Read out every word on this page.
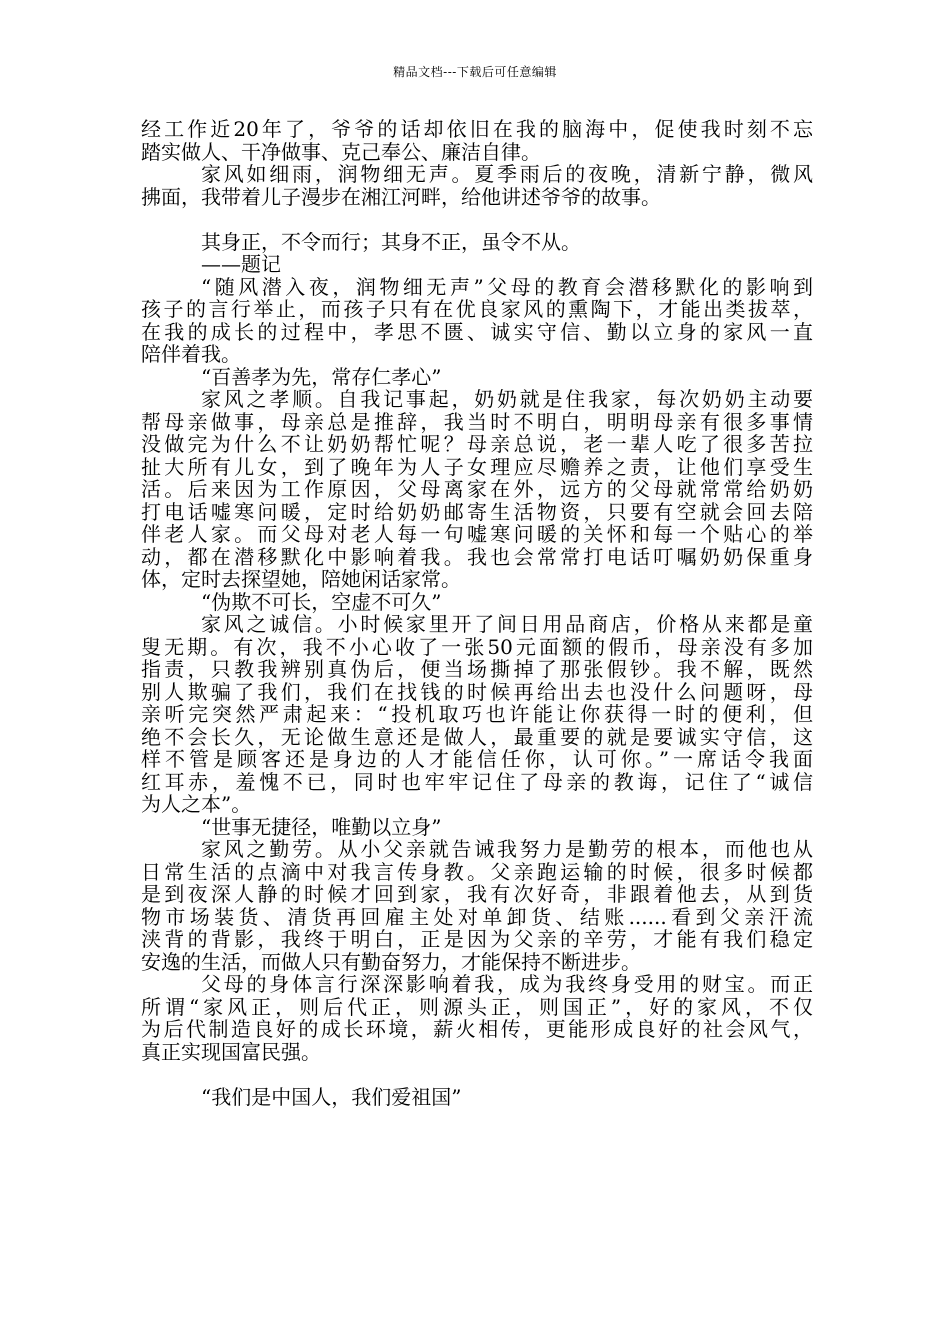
精品文档---下载后可任意编辑
经工作近20年了，爷爷的话却依旧在我的脑海中，促使我时刻不忘
踏实做人、干净做事、克己奉公、廉洁自律。
家风如细雨，润物细无声。夏季雨后的夜晚，清新宁静，微风
拂面，我带着儿子漫步在湘江河畔，给他讲述爷爷的故事。
其身正，不令而行；其身不正，虽令不从。
——题记
“随风潜入夜，润物细无声”父母的教育会潜移默化的影响到
孩子的言行举止，而孩子只有在优良家风的熏陶下，才能出类拔萃，
在我的成长的过程中，孝思不匮、诚实守信、勤以立身的家风一直
陪伴着我。
“百善孝为先，常存仁孝心”
家风之孝顺。自我记事起，奶奶就是住我家，每次奶奶主动要
帮母亲做事，母亲总是推辞，我当时不明白，明明母亲有很多事情
没做完为什么不让奶奶帮忙呢？母亲总说，老一辈人吃了很多苦拉
扯大所有儿女，到了晚年为人子女理应尽赡养之责，让他们享受生
活。后来因为工作原因，父母离家在外，远方的父母就常常给奶奶
打电话嘘寒问暖，定时给奶奶邮寄生活物资，只要有空就会回去陪
伴老人家。而父母对老人每一句嘘寒问暖的关怀和每一个贴心的举
动，都在潜移默化中影响着我。我也会常常打电话叮嘱奶奶保重身
体，定时去探望她，陪她闲话家常。
“伪欺不可长，空虚不可久”
家风之诚信。小时候家里开了间日用品商店，价格从来都是童
叟无期。有次，我不小心收了一张50元面额的假币，母亲没有多加
指责，只教我辨别真伪后，便当场撕掉了那张假钞。我不解，既然
别人欺骗了我们，我们在找钱的时候再给出去也没什么问题呀，母
亲听完突然严肃起来：“投机取巧也许能让你获得一时的便利，但
绝不会长久，无论做生意还是做人，最重要的就是要诚实守信，这
样不管是顾客还是身边的人才能信任你，认可你。”一席话令我面
红耳赤，羞愧不已，同时也牢牢记住了母亲的教诲，记住了“诚信
为人之本”。
“世事无捷径，唯勤以立身”
家风之勤劳。从小父亲就告诫我努力是勤劳的根本，而他也从
日常生活的点滴中对我言传身教。父亲跑运输的时候，很多时候都
是到夜深人静的时候才回到家，我有次好奇，非跟着他去，从到货
物市场装货、清货再回雇主处对单卸货、结账......看到父亲汗流
浃背的背影，我终于明白，正是因为父亲的辛劳，才能有我们稳定
安逸的生活，而做人只有勤奋努力，才能保持不断进步。
父母的身体言行深深影响着我，成为我终身受用的财宝。而正
所谓“家风正，则后代正，则源头正，则国正”，好的家风，不仅
为后代制造良好的成长环境，薪火相传，更能形成良好的社会风气，
真正实现国富民强。
“我们是中国人，我们爱祖国”
